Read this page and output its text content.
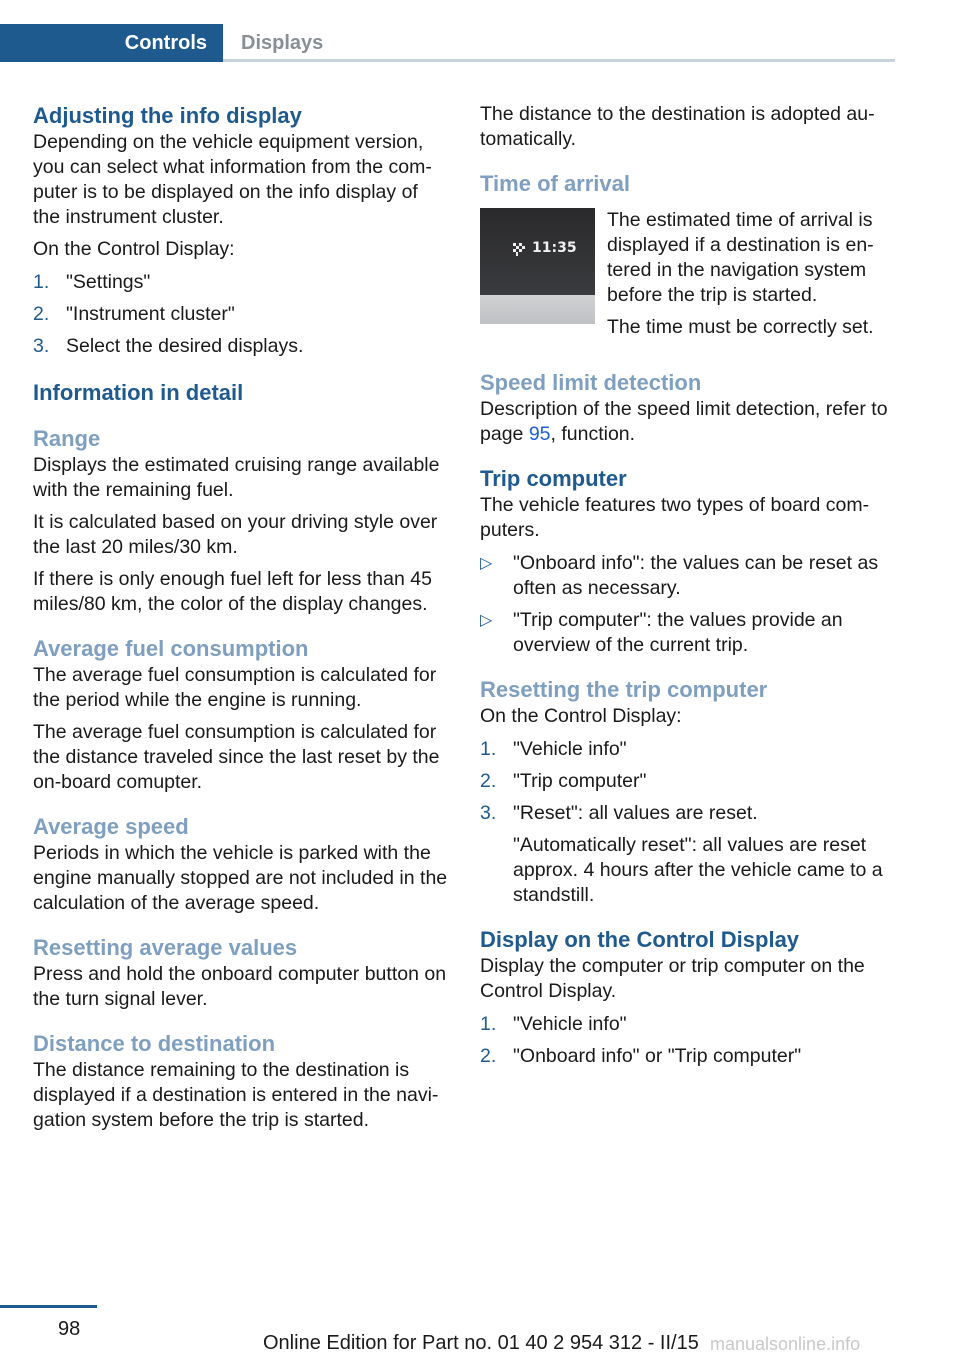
Controls	Displays
Adjusting the info display

Depending on the vehicle equipment version, you can select what information from the computer is to be displayed on the info display of the instrument cluster.

On the Control Display:

1. "Settings"
2. "Instrument cluster"
3. Select the desired displays.
Information in detail
Range

Displays the estimated cruising range available with the remaining fuel.

It is calculated based on your driving style over the last 20 miles/30 km.

If there is only enough fuel left for less than 45 miles/80 km, the color of the display changes.

Average fuel consumption

The average fuel consumption is calculated for the period while the engine is running.

The average fuel consumption is calculated for the distance traveled since the last reset by the on-board comupter.

Average speed

Periods in which the vehicle is parked with the engine manually stopped are not included in the calculation of the average speed.

Resetting average values

Press and hold the onboard computer button on the turn signal lever.

Distance to destination

The distance remaining to the destination is displayed if a destination is entered in the navigation system before the trip is started.

The distance to the destination is adopted automatically.

Time of arrival
11:35

The estimated time of arrival is displayed if a destination is entered in the navigation system before the trip is started.

The time must be correctly set.

Speed limit detection

Description of the speed limit detection, refer to page 95, function.

Trip computer

The vehicle features two types of board computers.

▷	"Onboard info": the values can be reset as often as necessary.
▷	"Trip computer": the values provide an overview of the current trip.
Resetting the trip computer

On the Control Display:

1. "Vehicle info"
2. "Trip computer"
3. "Reset": all values are reset.

"Automatically reset": all values are reset approx. 4 hours after the vehicle came to a standstill.

Display on the Control Display

Display the computer or trip computer on the Control Display.

1. "Vehicle info"
2. "Onboard info" or "Trip computer"
98
Online Edition for Part no. 01 40 2 954 312 - II/15 manualsonline.info
